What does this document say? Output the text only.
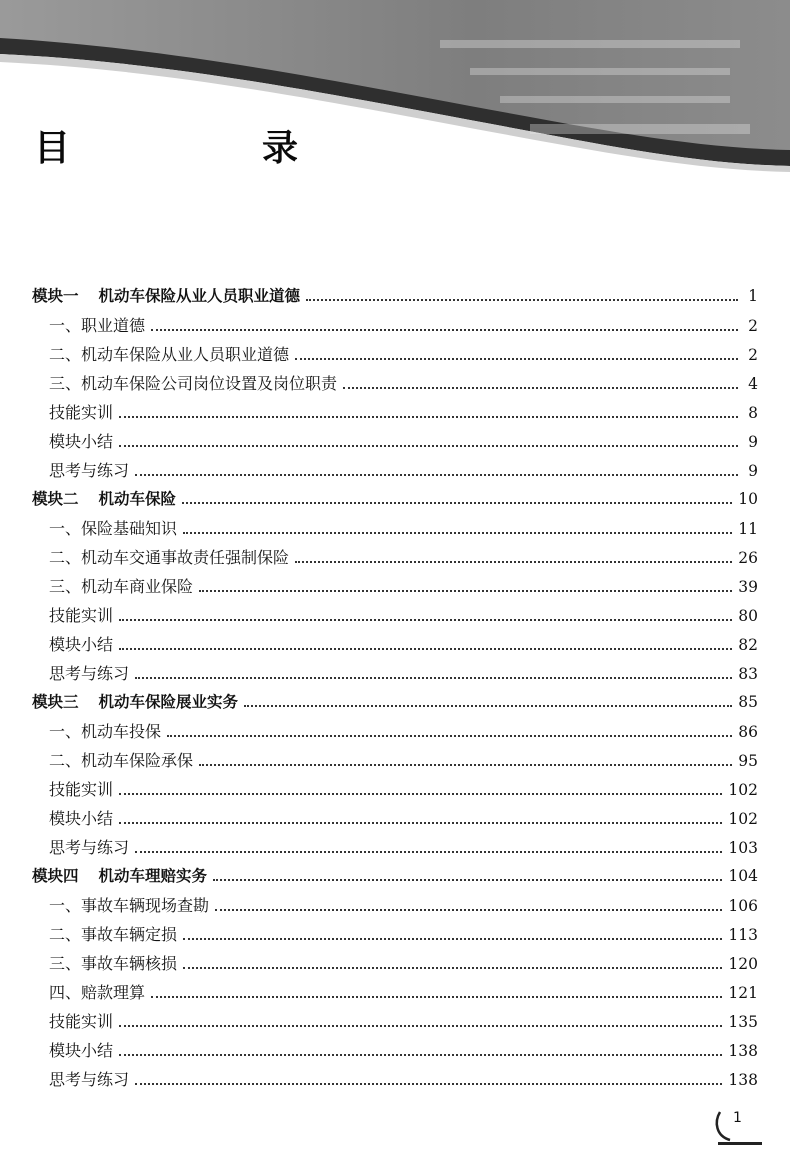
目　录
模块一 机动车保险从业人员职业道德	1
一、职业道德	2
二、机动车保险从业人员职业道德	2
三、机动车保险公司岗位设置及岗位职责	4
技能实训	8
模块小结	9
思考与练习	9
模块二 机动车保险	10
一、保险基础知识	11
二、机动车交通事故责任强制保险	26
三、机动车商业保险	39
技能实训	80
模块小结	82
思考与练习	83
模块三 机动车保险展业实务	85
一、机动车投保	86
二、机动车保险承保	95
技能实训	102
模块小结	102
思考与练习	103
模块四 机动车理赔实务	104
一、事故车辆现场查勘	106
二、事故车辆定损	113
三、事故车辆核损	120
四、赔款理算	121
技能实训	135
模块小结	138
思考与练习	138
1
